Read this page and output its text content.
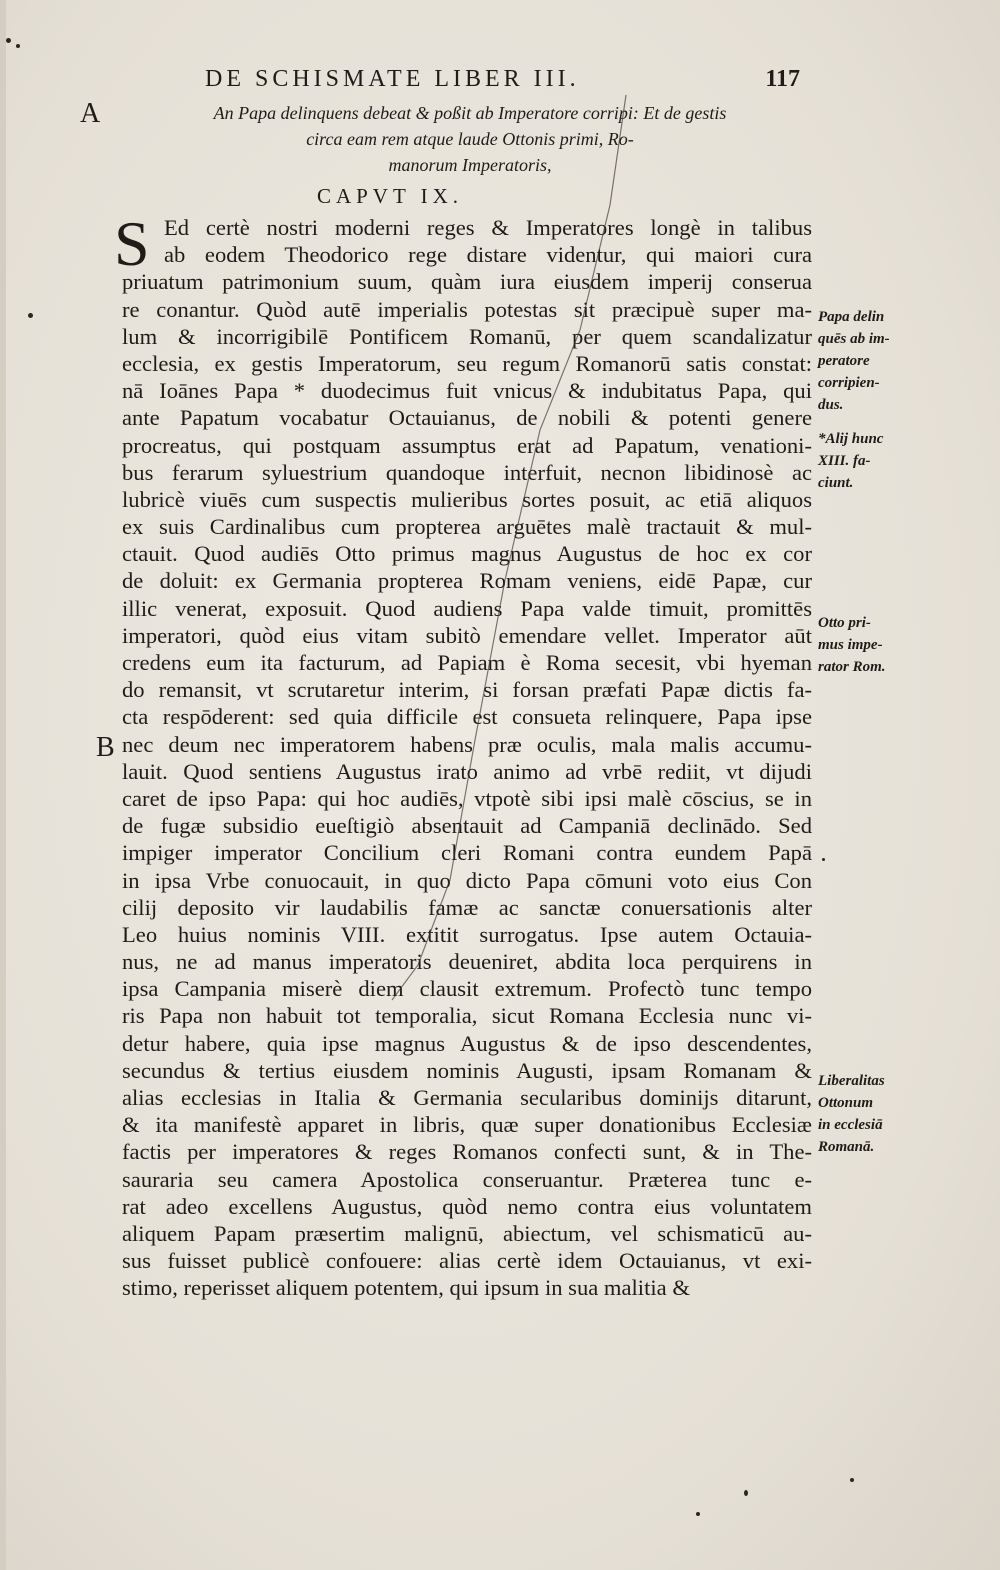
DE SCHISMATE LIBER III.	117
A
B
An Papa delinquens debeat & poßit ab Imperatore corripi: Et de gestis
circa eam rem atque laude Ottonis primi, Ro-
manorum Imperatoris,
CAPVT IX.
S Ed certè nostri moderni reges & Imperatores longè in talibus
ab eodem Theodorico rege distare videntur, qui maiori cura
priuatum patrimonium suum, quàm iura eiusdem imperij conserua
re conantur. Quòd autē imperialis potestas sit præcipuè super ma-
lum & incorrigibilē Pontificem Romanū, per quem scandalizatur
ecclesia, ex gestis Imperatorum, seu regum Romanorū satis constat:
nā Ioānes Papa * duodecimus fuit vnicus & indubitatus Papa, qui
ante Papatum vocabatur Octauianus, de nobili & potenti genere
procreatus, qui postquam assumptus erat ad Papatum, venationi-
bus ferarum syluestrium quandoque interfuit, necnon libidinosè ac
lubricè viuēs cum suspectis mulieribus sortes posuit, ac etiā aliquos
ex suis Cardinalibus cum propterea arguētes malè tractauit & mul-
ctauit. Quod audiēs Otto primus magnus Augustus de hoc ex cor
de doluit: ex Germania propterea Romam veniens, eidē Papæ, cur
illic venerat, exposuit. Quod audiens Papa valde timuit, promittēs
imperatori, quòd eius vitam subitò emendare vellet. Imperator aūt
credens eum ita facturum, ad Papiam è Roma secesit, vbi hyeman
do remansit, vt scrutaretur interim, si forsan præfati Papæ dictis fa-
cta respōderent: sed quia difficile est consueta relinquere, Papa ipse
nec deum nec imperatorem habens præ oculis, mala malis accumu-
lauit. Quod sentiens Augustus irato animo ad vrbē rediit, vt dijudi
caret de ipso Papa: qui hoc audiēs, vtpotè sibi ipsi malè cōscius, se in
de fugæ subsidio eueſtigiò absentauit ad Campaniā declinādo. Sed
impiger imperator Concilium cleri Romani contra eundem Papā
in ipsa Vrbe conuocauit, in quo dicto Papa cōmuni voto eius Con
cilij deposito vir laudabilis famæ ac sanctæ conuersationis alter
Leo huius nominis VIII. extitit surrogatus. Ipse autem Octauia-
nus, ne ad manus imperatoris deueniret, abdita loca perquirens in
ipsa Campania miserè diem clausit extremum. Profectò tunc tempo
ris Papa non habuit tot temporalia, sicut Romana Ecclesia nunc vi-
detur habere, quia ipse magnus Augustus & de ipso descendentes,
secundus & tertius eiusdem nominis Augusti, ipsam Romanam &
alias ecclesias in Italia & Germania secularibus dominijs ditarunt,
& ita manifestè apparet in libris, quæ super donationibus Ecclesiæ
factis per imperatores & reges Romanos confecti sunt, & in The-
sauraria seu camera Apostolica conseruantur. Præterea tunc e-
rat adeo excellens Augustus, quòd nemo contra eius voluntatem
aliquem Papam præsertim malignū, abiectum, vel schismaticū au-
sus fuisset publicè confouere: alias certè idem Octauianus, vt exi-
stimo, reperisset aliquem potentem, qui ipsum in sua malitia &
Papa delin
quēs ab im-
peratore
corripien-
dus.
*Alij hunc
XIII. fa-
ciunt.
Otto pri-
mus impe-
rator Rom.
Liberalitas
Ottonum
in ecclesiā
Romanā.
